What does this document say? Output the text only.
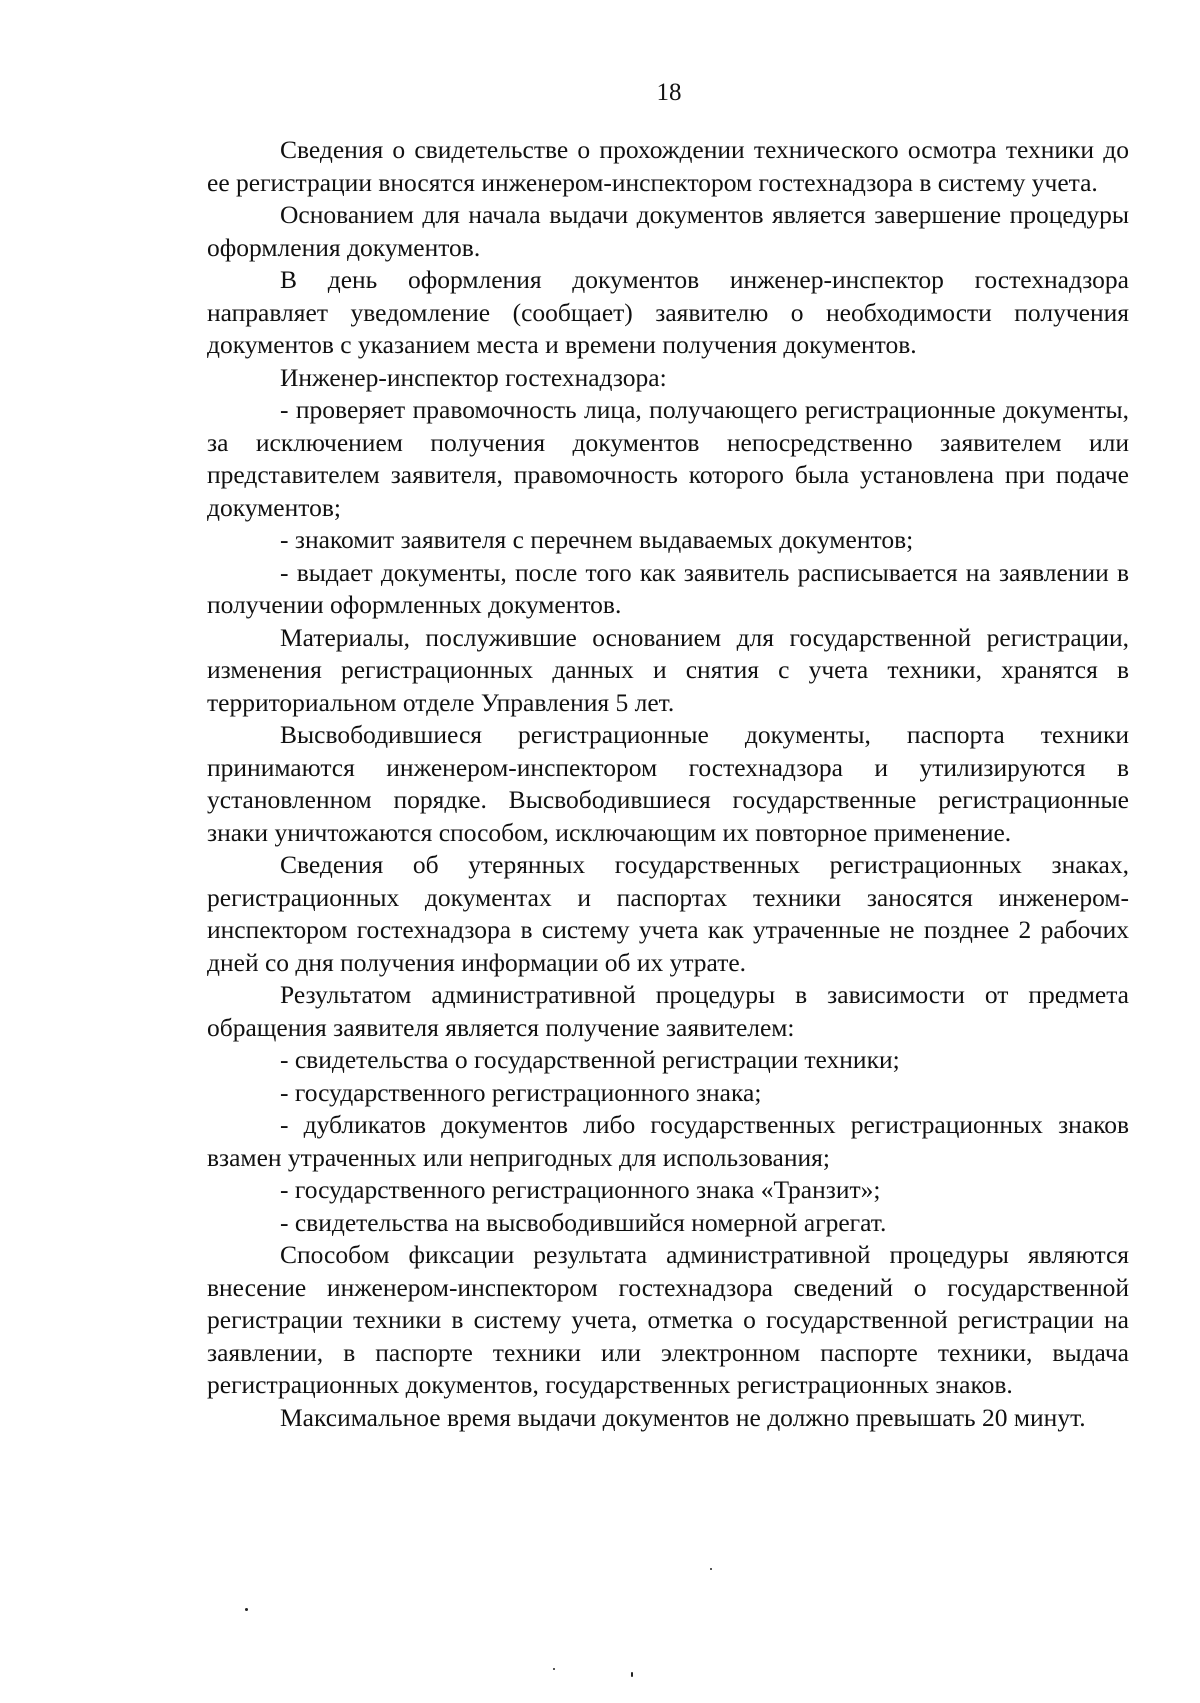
18

Сведения о свидетельстве о прохождении технического осмотра техники до ее регистрации вносятся инженером-инспектором гостехнадзора в систему учета.

Основанием для начала выдачи документов является завершение процедуры оформления документов.

В день оформления документов инженер-инспектор гостехнадзора направляет уведомление (сообщает) заявителю о необходимости получения документов с указанием места и времени получения документов.

Инженер-инспектор гостехнадзора:

- проверяет правомочность лица, получающего регистрационные документы, за исключением получения документов непосредственно заявителем или представителем заявителя, правомочность которого была установлена при подаче документов;

- знакомит заявителя с перечнем выдаваемых документов;

- выдает документы, после того как заявитель расписывается на заявлении в получении оформленных документов.

Материалы, послужившие основанием для государственной регистрации, изменения регистрационных данных и снятия с учета техники, хранятся в территориальном отделе Управления 5 лет.

Высвободившиеся регистрационные документы, паспорта техники принимаются инженером-инспектором гостехнадзора и утилизируются в установленном порядке. Высвободившиеся государственные регистрационные знаки уничтожаются способом, исключающим их повторное применение.

Сведения об утерянных государственных регистрационных знаках, регистрационных документах и паспортах техники заносятся инженером-инспектором гостехнадзора в систему учета как утраченные не позднее 2 рабочих дней со дня получения информации об их утрате.

Результатом административной процедуры в зависимости от предмета обращения заявителя является получение заявителем:

- свидетельства о государственной регистрации техники;

- государственного регистрационного знака;

- дубликатов документов либо государственных регистрационных знаков взамен утраченных или непригодных для использования;

- государственного регистрационного знака «Транзит»;

- свидетельства на высвободившийся номерной агрегат.

Способом фиксации результата административной процедуры являются внесение инженером-инспектором гостехнадзора сведений о государственной регистрации техники в систему учета, отметка о государственной регистрации на заявлении, в паспорте техники или электронном паспорте техники, выдача регистрационных документов, государственных регистрационных знаков.

Максимальное время выдачи документов не должно превышать 20 минут.
